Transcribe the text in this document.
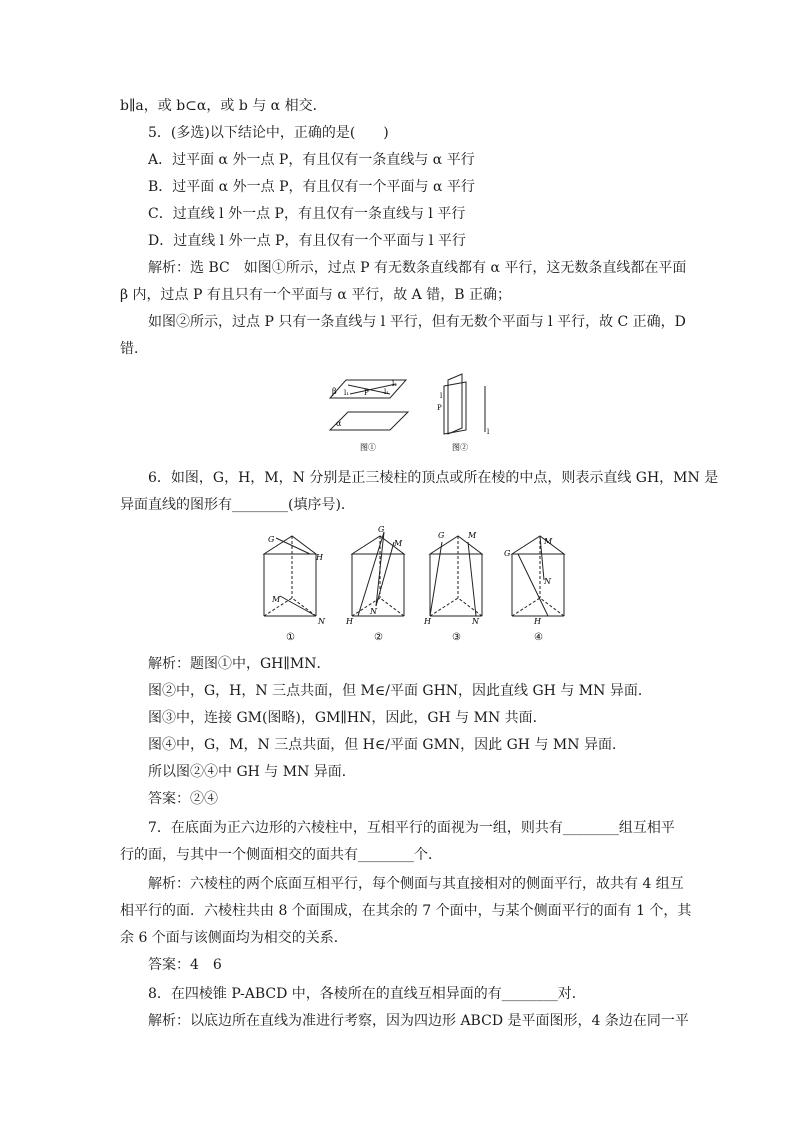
b∥a，或 b⊂α，或 b 与 α 相交．
5．(多选)以下结论中，正确的是(　　)
A．过平面 α 外一点 P，有且仅有一条直线与 α 平行
B．过平面 α 外一点 P，有且仅有一个平面与 α 平行
C．过直线 l 外一点 P，有且仅有一条直线与 l 平行
D．过直线 l 外一点 P，有且仅有一个平面与 l 平行
解析：选 BC　如图①所示，过点 P 有无数条直线都有 α 平行，这无数条直线都在平面
β 内，过点 P 有且只有一个平面与 α 平行，故 A 错，B 正确；
如图②所示，过点 P 只有一条直线与 l 平行，但有无数个平面与 l 平行，故 C 正确，D
错．
β l₁ P l₁
l₂
α
l
P
l
图①	图②
6．如图，G，H，M，N 分别是正三棱柱的顶点或所在棱的中点，则表示直线 GH，MN 是
异面直线的图形有________(填序号)．
G
H
M
N
G
M
N
H
G	M
H	N
G
M
N
H
①	②	③	④
解析：题图①中，GH∥MN．
图②中，G，H，N 三点共面，但 M∈/平面 GHN，因此直线 GH 与 MN 异面．
图③中，连接 GM(图略)，GM∥HN，因此，GH 与 MN 共面．
图④中，G，M，N 三点共面，但 H∈/平面 GMN，因此 GH 与 MN 异面．
所以图②④中 GH 与 MN 异面．
答案：②④
7．在底面为正六边形的六棱柱中，互相平行的面视为一组，则共有________组互相平
行的面，与其中一个侧面相交的面共有________个．
解析：六棱柱的两个底面互相平行，每个侧面与其直接相对的侧面平行，故共有 4 组互
相平行的面．六棱柱共由 8 个面围成，在其余的 7 个面中，与某个侧面平行的面有 1 个，其
余 6 个面与该侧面均为相交的关系．
答案：4　6
8．在四棱锥 P-ABCD 中，各棱所在的直线互相异面的有________对．
解析：以底边所在直线为准进行考察，因为四边形 ABCD 是平面图形，4 条边在同一平
